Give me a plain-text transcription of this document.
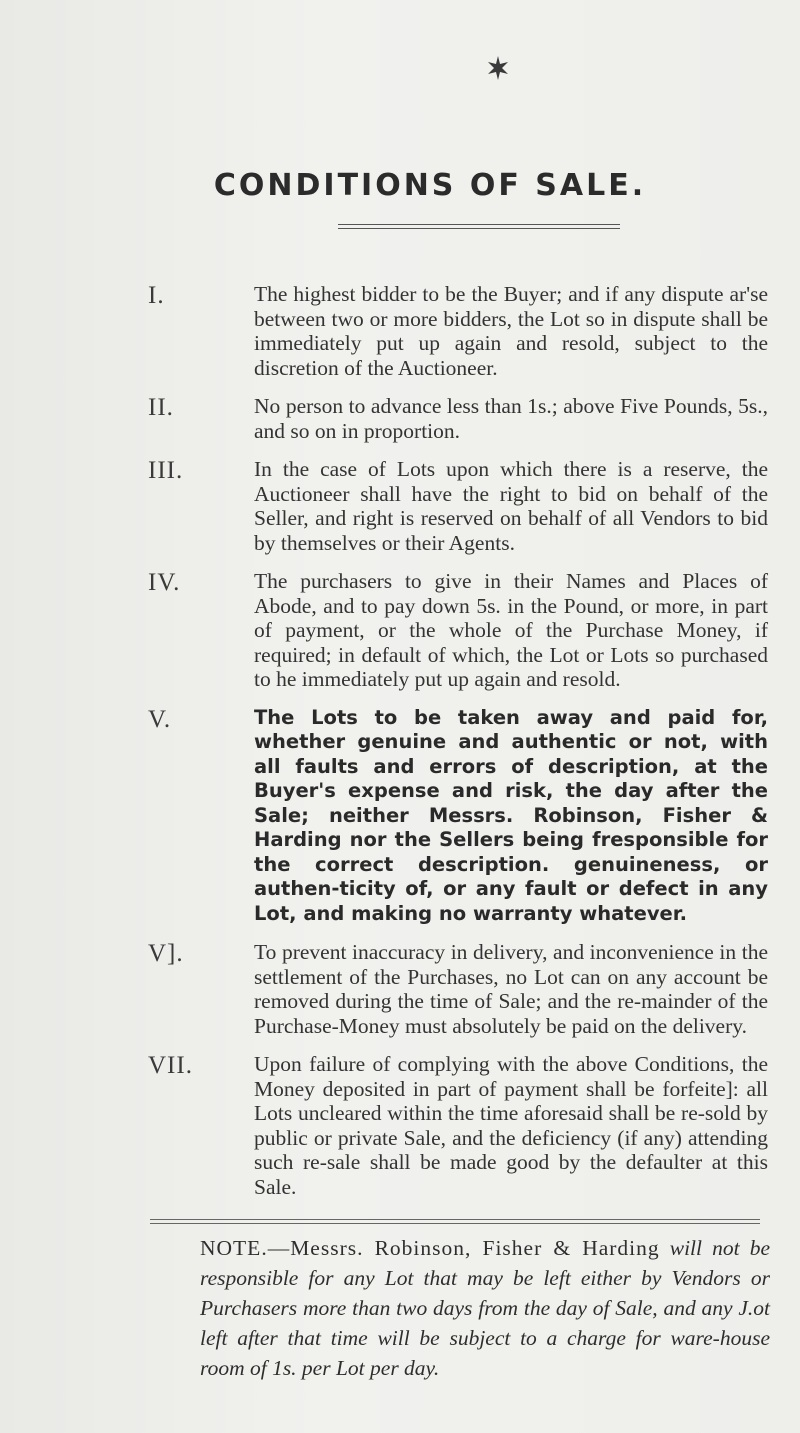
CONDITIONS OF SALE.
I.	The highest bidder to be the Buyer; and if any dispute ar'se between two or more bidders, the Lot so in dispute shall be immediately put up again and resold, subject to the discretion of the Auctioneer.
II.	No person to advance less than 1s.; above Five Pounds, 5s., and so on in proportion.
III.	In the case of Lots upon which there is a reserve, the Auctioneer shall have the right to bid on behalf of the Seller, and right is reserved on behalf of all Vendors to bid by themselves or their Agents.
IV.	The purchasers to give in their Names and Places of Abode, and to pay down 5s. in the Pound, or more, in part of payment, or the whole of the Purchase Money, if required; in default of which, the Lot or Lots so purchased to he immediately put up again and resold.
V.	The Lots to be taken away and paid for, whether genuine and authentic or not, with all faults and errors of description, at the Buyer's expense and risk, the day after the Sale; neither Messrs. Robinson, Fisher & Harding nor the Sellers being fresponsible for the correct description. genuineness, or authen-ticity of, or any fault or defect in any Lot, and making no warranty whatever.
V].	To prevent inaccuracy in delivery, and inconvenience in the settlement of the Purchases, no Lot can on any account be removed during the time of Sale; and the re-mainder of the Purchase-Money must absolutely be paid on the delivery.
VII.	Upon failure of complying with the above Conditions, the Money deposited in part of payment shall be forfeite]: all Lots uncleared within the time aforesaid shall be re-sold by public or private Sale, and the deficiency (if any) attending such re-sale shall be made good by the defaulter at this Sale.
NOTE.—Messrs. Robinson, Fisher & Harding will not be responsible for any Lot that may be left either by Vendors or Purchasers more than two days from the day of Sale, and any J.ot left after that time will be subject to a charge for ware-house room of 1s. per Lot per day.
